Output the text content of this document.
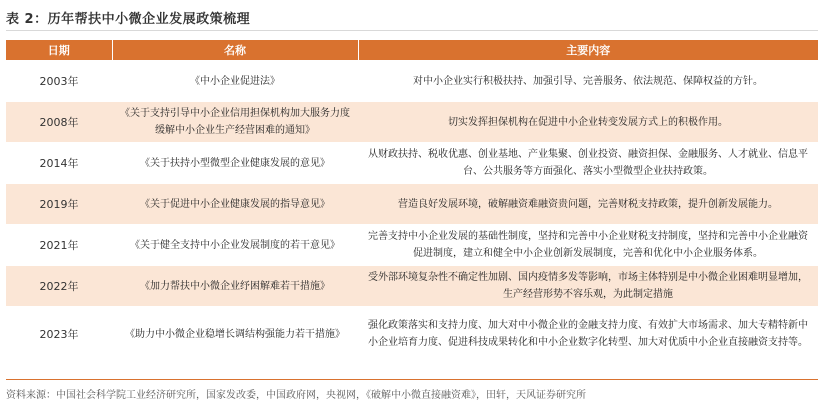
表 2：历年帮扶中小微企业发展政策梳理
日期	名称	主要内容
2003年	《中小企业促进法》	对中小企业实行积极扶持、加强引导、完善服务、依法规范、保障权益的方针。
2008年	《关于支持引导中小企业信用担保机构加大服务力度缓解中小企业生产经营困难的通知》	切实发挥担保机构在促进中小企业转变发展方式上的积极作用。
2014年	《关于扶持小型微型企业健康发展的意见》	从财政扶持、税收优惠、创业基地、产业集聚、创业投资、融资担保、金融服务、人才就业、信息平台、公共服务等方面强化、落实小型微型企业扶持政策。
2019年	《关于促进中小企业健康发展的指导意见》	营造良好发展环境，破解融资难融资贵问题，完善财税支持政策，提升创新发展能力。
2021年	《关于健全支持中小企业发展制度的若干意见》	完善支持中小企业发展的基础性制度，坚持和完善中小企业财税支持制度，坚持和完善中小企业融资促进制度，建立和健全中小企业创新发展制度，完善和优化中小企业服务体系。
2022年	《加力帮扶中小微企业纾困解难若干措施》	受外部环境复杂性不确定性加剧、国内疫情多发等影响，市场主体特别是中小微企业困难明显增加，生产经营形势不容乐观，为此制定措施
2023年	《助力中小微企业稳增长调结构强能力若干措施》	强化政策落实和支持力度、加大对中小微企业的金融支持力度、有效扩大市场需求、加大专精特新中小企业培育力度、促进科技成果转化和中小企业数字化转型、加大对优质中小企业直接融资支持等。
资料来源：中国社会科学院工业经济研究所，国家发改委，中国政府网，央视网，《破解中小微直接融资难》，田轩，天风证券研究所
